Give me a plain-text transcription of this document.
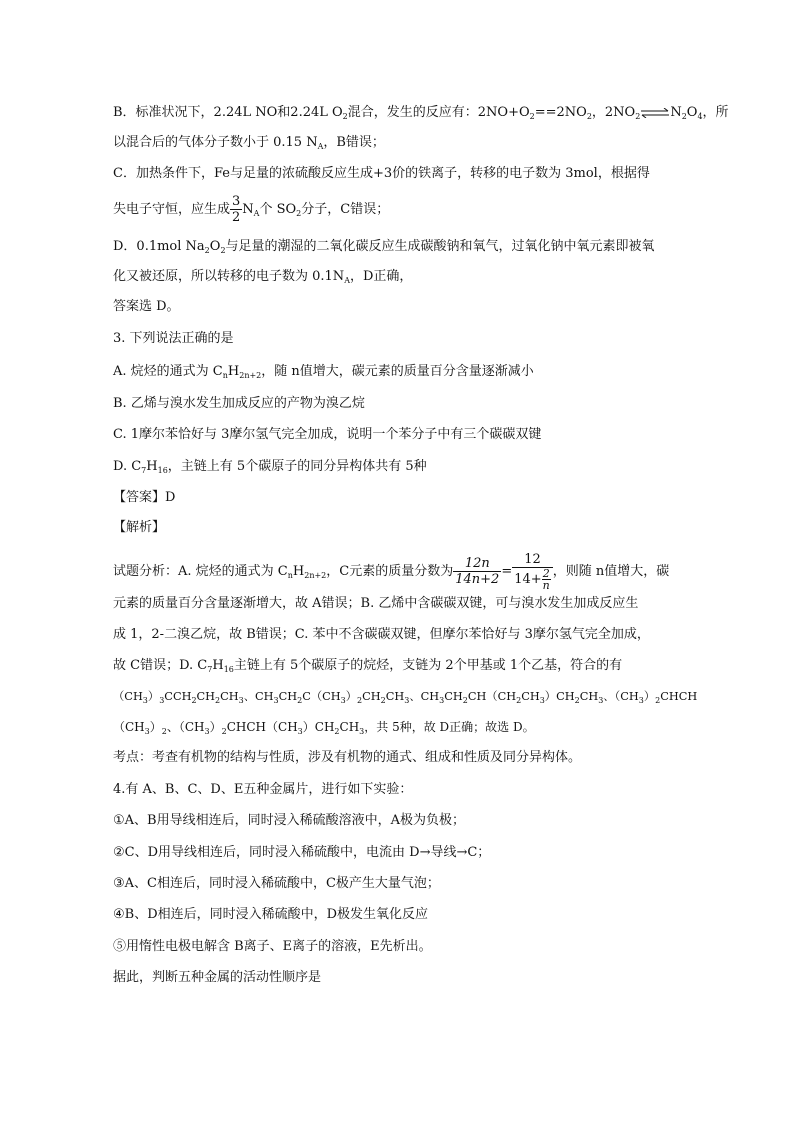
B．标准状况下，2.24L NO和2.24L $O_2$混合，发生的反应有：$2NO+O_2==2NO_2$，$2NO_2\rightleftharpoons N_2O_4$，所
以混合后的气体分子数小于 0.15 $N_A$，B错误；
C．加热条件下，Fe与足量的浓硫酸反应生成+3价的铁离子，转移的电子数为 3mol，根据得
失电子守恒，应生成 $\frac{3}{2} N_A$个 $SO_2$分子，C错误；
D．0.1mol $Na_2O_2$与足量的潮湿的二氧化碳反应生成碳酸钠和氧气，过氧化钠中氧元素即被氧
化又被还原，所以转移的电子数为 $0.1N_A$，D正确，
答案选 D。
3. 下列说法正确的是
A. 烷烃的通式为 $C_nH_{2n+2}$，随 n值增大，碳元素的质量百分含量逐渐减小
B. 乙烯与溴水发生加成反应的产物为溴乙烷
C. 1摩尔苯恰好与 3摩尔氢气完全加成，说明一个苯分子中有三个碳碳双键
D. $C_7H_{16}$，主链上有 5个碳原子的同分异构体共有 5种
【答案】D
【解析】
试题分析：A. 烷烃的通式为 $C_nH_{2n+2}$，C元素的质量分数为 $\frac{12n}{14n+2} = \frac{12}{14+ \frac{2}{n}}$ ，则随 n值增大，碳
元素的质量百分含量逐渐增大，故 A错误；B. 乙烯中含碳碳双键，可与溴水发生加成反应生
成 1，2-二溴乙烷，故 B错误；C. 苯中不含碳碳双键，但摩尔苯恰好与 3摩尔氢气完全加成，
故 C错误；D. $C_7H_{16}$主链上有 5个碳原子的烷烃，支链为 2个甲基或 1个乙基，符合的有
$(CH_3)_3CCH_2CH_2CH_3$、$CH_3CH_2C(CH_3)_2CH_2CH_3$、$CH_3CH_2CH(CH_2CH_3)CH_2CH_3$、$(CH_3)_2CHCH$
$(CH_3)_2$、$(CH_3)_2CHCH(CH_3)CH_2CH_3$，共 5种，故 D正确；故选 D。
考点：考查有机物的结构与性质，涉及有机物的通式、组成和性质及同分异构体。
4.有 A、B、C、D、E五种金属片，进行如下实验：
①A、B用导线相连后，同时浸入稀硫酸溶液中，A极为负极；
②C、D用导线相连后，同时浸入稀硫酸中，电流由 D→导线→C；
③A、C相连后，同时浸入稀硫酸中，C极产生大量气泡；
④B、D相连后，同时浸入稀硫酸中，D极发生氧化反应
⑤用惰性电极电解含 B离子、E离子的溶液，E先析出。
据此，判断五种金属的活动性顺序是
